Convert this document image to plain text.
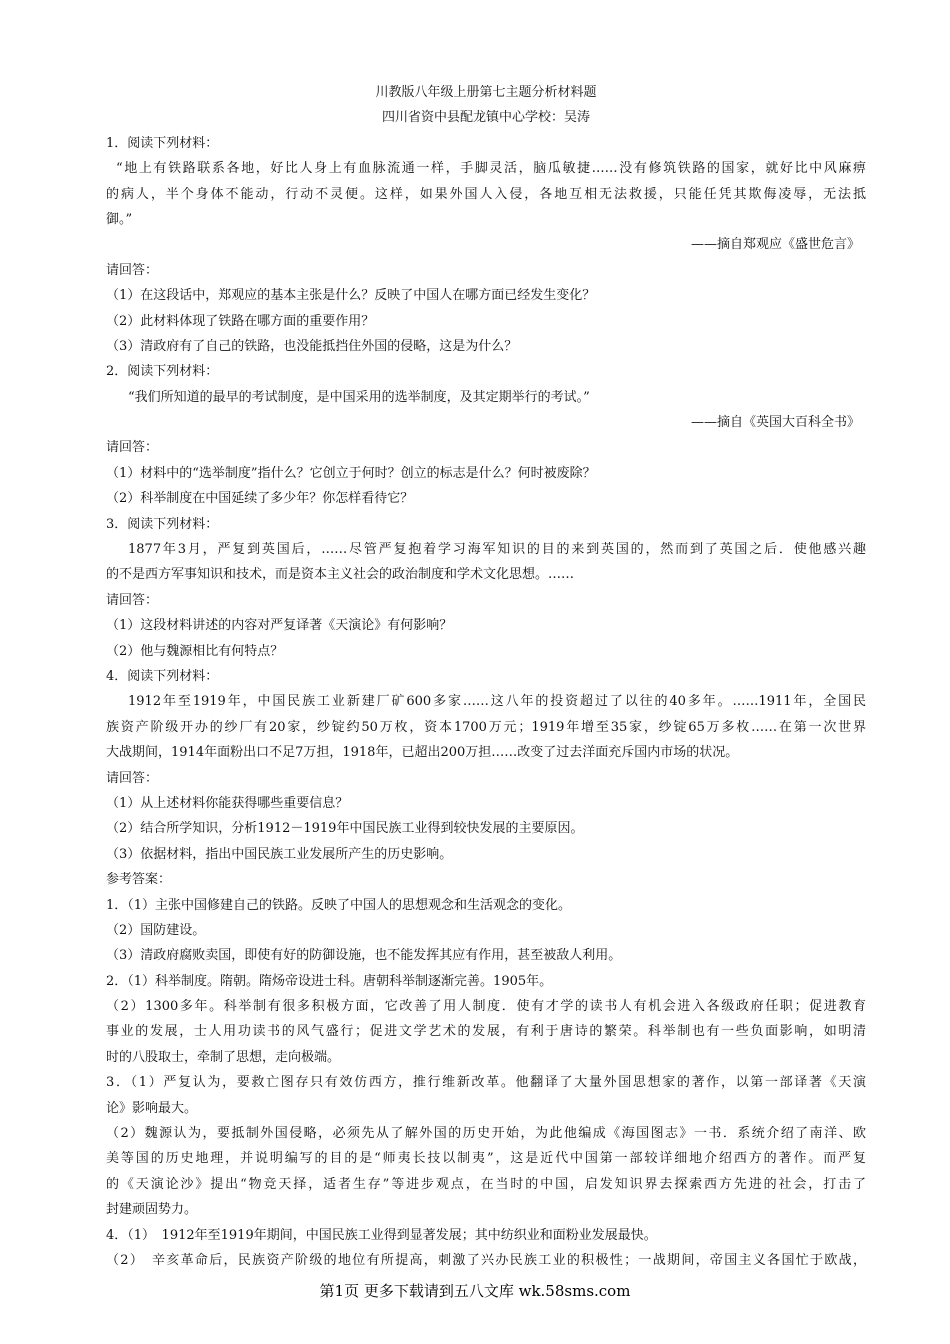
川教版八年级上册第七主题分析材料题
四川省资中县配龙镇中心学校：吴涛
1．阅读下列材料：
“地上有铁路联系各地，好比人身上有血脉流通一样，手脚灵活，脑瓜敏捷……没有修筑铁路的国家，就好比中风麻痹
的病人，半个身体不能动，行动不灵便。这样，如果外国人入侵，各地互相无法救援，只能任凭其欺侮凌辱，无法抵
御。”
——摘自郑观应《盛世危言》
请回答：
（1）在这段话中，郑观应的基本主张是什么？反映了中国人在哪方面已经发生变化？
（2）此材料体现了铁路在哪方面的重要作用？
（3）清政府有了自己的铁路，也没能抵挡住外国的侵略，这是为什么？
2．阅读下列材料：
“我们所知道的最早的考试制度，是中国采用的选举制度，及其定期举行的考试。”
——摘自《英国大百科全书》
请回答：
（1）材料中的“选举制度”指什么？它创立于何时？创立的标志是什么？何时被废除？
（2）科举制度在中国延续了多少年？你怎样看待它？
3．阅读下列材料：
1877年3月，严复到英国后，……尽管严复抱着学习海军知识的目的来到英国的，然而到了英国之后．使他感兴趣
的不是西方军事知识和技术，而是资本主义社会的政治制度和学术文化思想。……
请回答：
（1）这段材料讲述的内容对严复译著《天演论》有何影响？
（2）他与魏源相比有何特点？
4．阅读下列材料：
1912年至1919年，中国民族工业新建厂矿600多家……这八年的投资超过了以往的40多年。……1911年，全国民
族资产阶级开办的纱厂有20家，纱锭约50万枚，资本1700万元；1919年增至35家，纱锭65万多枚……在第一次世界
大战期间，1914年面粉出口不足7万担，1918年，已超出200万担……改变了过去洋面充斥国内市场的状况。
请回答：
（1）从上述材料你能获得哪些重要信息？
（2）结合所学知识，分析1912－1919年中国民族工业得到较快发展的主要原因。
（3）依据材料，指出中国民族工业发展所产生的历史影响。
参考答案：
1．（1）主张中国修建自己的铁路。反映了中国人的思想观念和生活观念的变化。
（2）国防建设。
（3）清政府腐败卖国，即使有好的防御设施，也不能发挥其应有作用，甚至被敌人利用。
2．（1）科举制度。隋朝。隋炀帝设进士科。唐朝科举制逐渐完善。1905年。
（2）1300多年。科举制有很多积极方面，它改善了用人制度．使有才学的读书人有机会进入各级政府任职；促进教育
事业的发展，士人用功读书的风气盛行；促进文学艺术的发展，有利于唐诗的繁荣。科举制也有一些负面影响，如明清
时的八股取士，牵制了思想，走向极端。
3．（1）严复认为，要救亡图存只有效仿西方，推行维新改革。他翻译了大量外国思想家的著作，以第一部译著《天演
论》影响最大。
（2）魏源认为，要抵制外国侵略，必须先从了解外国的历史开始，为此他编成《海国图志》一书．系统介绍了南洋、欧
美等国的历史地理，并说明编写的目的是“师夷长技以制夷”，这是近代中国第一部较详细地介绍西方的著作。而严复
的《天演论沙》提出“物竞天择，适者生存”等进步观点，在当时的中国，启发知识界去探索西方先进的社会，打击了
封建顽固势力。
4．（1）　1912年至1919年期间，中国民族工业得到显著发展；其中纺织业和面粉业发展最快。
（2）　辛亥革命后，民族资产阶级的地位有所提高，刺激了兴办民族工业的积极性；一战期间，帝国主义各国忙于欧战，
第1页 更多下载请到五八文库 wk.58sms.com
